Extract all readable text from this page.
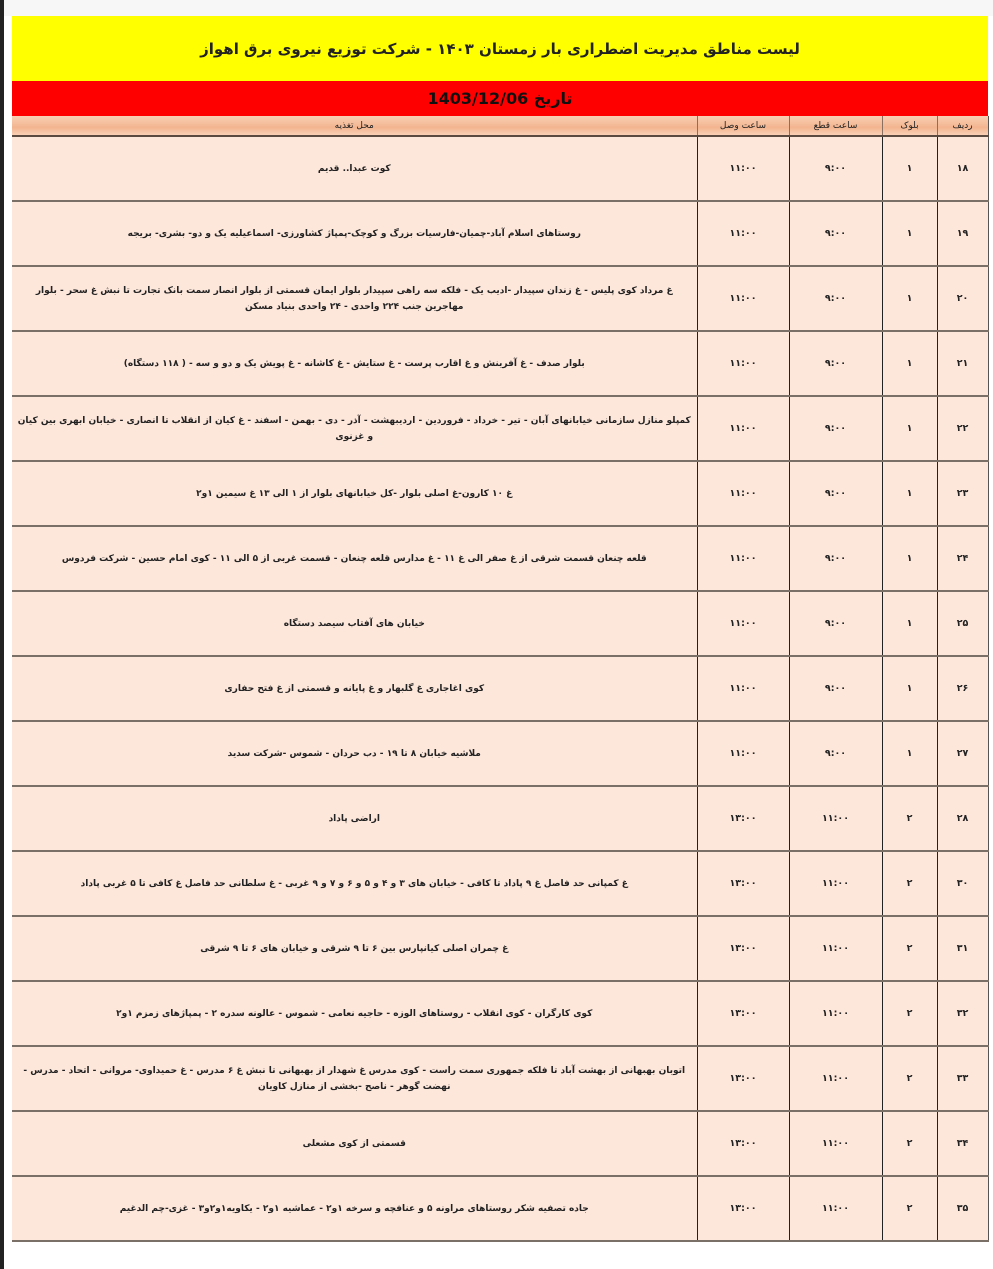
لیست مناطق مدیریت اضطراری بار زمستان ۱۴۰۳ - شرکت توزیع نیروی برق اهواز
تاریخ 1403/12/06
ردیف	بلوک	ساعت قطع	ساعت وصل	محل تغذیه
۱۸	۱	۹:۰۰	۱۱:۰۰	کوت عبدا.. قدیم
۱۹	۱	۹:۰۰	۱۱:۰۰	روستاهای اسلام آباد-چمیان-فارسیات بزرگ و کوچک-پمپاژ کشاورزی- اسماعیلیه یک و دو- بشری- بریجه
۲۰	۱	۹:۰۰	۱۱:۰۰	غ مرداد کوی پلیس - غ زندان سپیدار -ادیب یک - فلکه سه راهی سپیدار بلوار ایمان قسمتی از بلوار انصار سمت بانک تجارت تا نبش غ سحر - بلوار مهاجرین جنب ۲۲۴ واحدی - ۲۴ واحدی بنیاد مسکن
۲۱	۱	۹:۰۰	۱۱:۰۰	بلوار صدف - غ آفرینش و غ اقارب پرست - غ ستایش - غ کاشانه - غ پویش یک و دو و سه - ( ۱۱۸ دستگاه)
۲۲	۱	۹:۰۰	۱۱:۰۰	کمپلو منازل سازمانی خیابانهای آبان - تیر - خرداد - فروردین - اردیبهشت - آذر - دی - بهمن - اسفند - غ کیان از انقلاب تا انصاری - خیابان ابهری بین کیان و غزنوی
۲۳	۱	۹:۰۰	۱۱:۰۰	غ ۱۰ کارون-غ اصلی بلوار -کل خیابانهای بلوار از ۱ الی ۱۳ غ سیمین ۱و۲
۲۴	۱	۹:۰۰	۱۱:۰۰	قلعه چنعان قسمت شرقی از غ صفر الی غ ۱۱ - غ مدارس قلعه چنعان - قسمت غربی از ۵ الی ۱۱ - کوی امام حسین - شرکت فردوس
۲۵	۱	۹:۰۰	۱۱:۰۰	خیابان های آفتاب سیصد دستگاه
۲۶	۱	۹:۰۰	۱۱:۰۰	کوی اغاجاری غ گلبهار و غ پایانه و قسمتی از غ فتح حفاری
۲۷	۱	۹:۰۰	۱۱:۰۰	ملاشیه خیابان ۸ تا ۱۹ - دب حردان - شموس -شرکت سدید
۲۸	۲	۱۱:۰۰	۱۳:۰۰	اراضی پاداد
۳۰	۲	۱۱:۰۰	۱۳:۰۰	غ کمپانی حد فاصل غ ۹ پاداد تا کافی - خیابان های ۳ و ۴ و ۵ و ۶ و ۷ و ۹ غربی - غ سلطانی حد فاصل غ کافی تا ۵ غربی پاداد
۳۱	۲	۱۱:۰۰	۱۳:۰۰	غ چمران اصلی کیانپارس بین ۶ تا ۹ شرقی و خیابان های ۶ تا ۹ شرقی
۳۲	۲	۱۱:۰۰	۱۳:۰۰	کوی کارگران - کوی انقلاب - روستاهای الوزه - حاجیه نعامی - شموس - عالونه سدره ۲ - پمپاژهای زمزم ۱و۲
۳۳	۲	۱۱:۰۰	۱۳:۰۰	اتوبان بهبهانی از بهشت آباد تا فلکه جمهوری سمت راست - کوی مدرس غ شهدار از بهبهانی تا نبش غ ۶ مدرس - غ حمیداوی- مروانی - اتحاد - مدرس - نهضت گوهر - ناصح -بخشی از منازل کاویان
۳۴	۲	۱۱:۰۰	۱۳:۰۰	قسمتی از کوی مشعلی
۳۵	۲	۱۱:۰۰	۱۳:۰۰	جاده تصفیه شکر روستاهای مراونه ۵ و عنافچه و سرخه ۱و۲ - عماشیه ۱و۲ - یکاویه۱و۲و۳ - غزی-چم الدغیم
